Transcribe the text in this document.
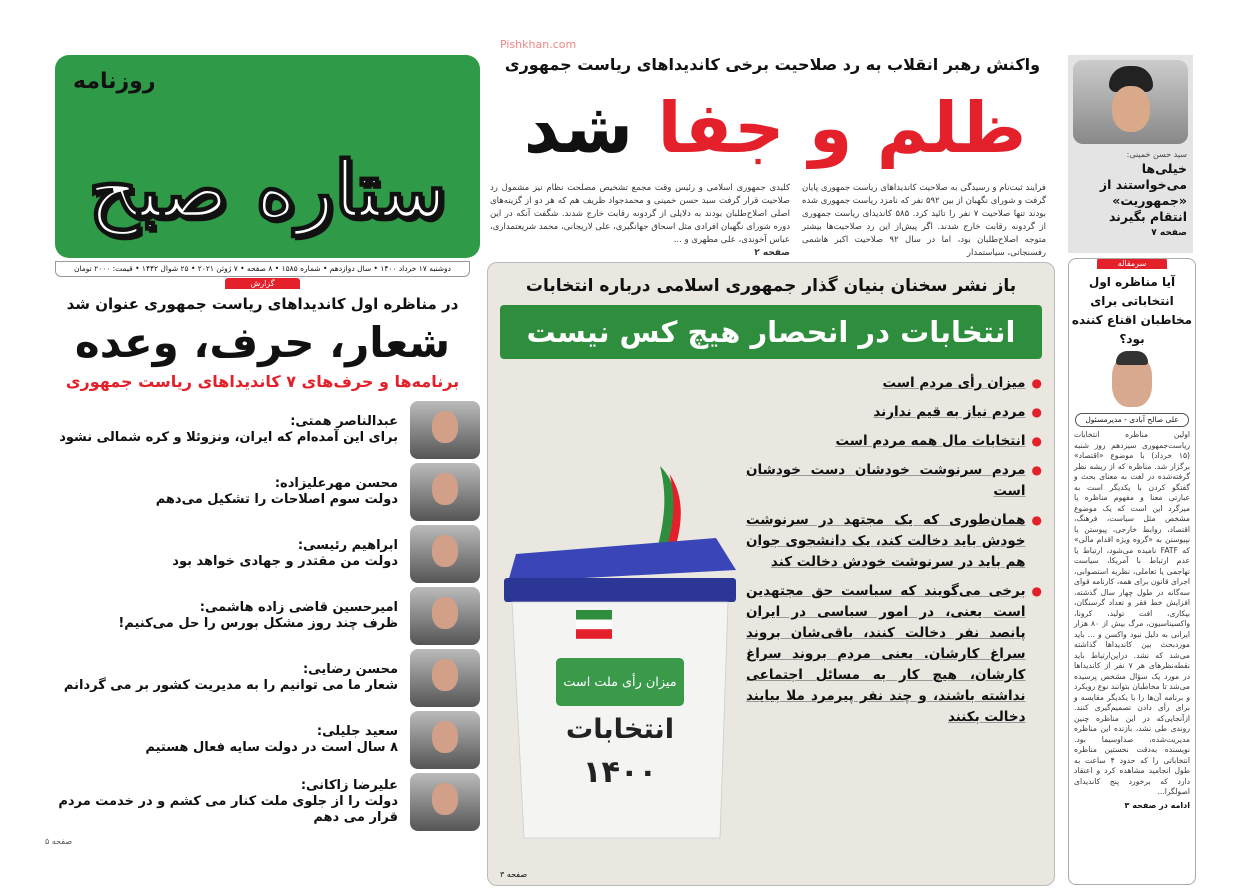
روزنامه
ستاره صبح
Pishkhan.com
واکنش رهبر انقلاب به رد صلاحیت برخی کاندیداهای ریاست جمهوری
ظلم و جفا شد
فرایند ثبت‌نام و رسیدگی به صلاحیت کاندیداهای ریاست جمهوری پایان گرفت و شورای نگهبان از بین ۵۹۲ نفر که نامزد ریاست جمهوری شده بودند تنها صلاحیت ۷ نفر را تائید کرد. ۵۸۵ کاندیدای ریاست جمهوری از گردونه رقابت خارج شدند. اگر پیش‌از این رد صلاحیت‌ها بیشتر متوجه اصلاح‌طلبان بود، اما در سال ۹۲ صلاحیت اکبر هاشمی رفسنجانی، سیاستمدار
کلیدی جمهوری اسلامی و رئیس وقت مجمع تشخیص مصلحت نظام نیز مشمول رد صلاحیت قرار گرفت سید حسن خمینی و محمدجواد ظریف هم که هر دو از گزینه‌های اصلی اصلاح‌طلبان بودند به دلایلی از گردونه رقابت خارج شدند. شگفت آنکه در این دوره شورای نگهبان افرادی مثل اسحاق جهانگیری، علی لاریجانی، محمد شریعتمداری، عباس آخوندی، علی مطهری و ...
صفحه ۲
سید حسن خمینی:
خیلی‌ها می‌خواستند از «جمهوریت» انتقام بگیرند
صفحه ۷
دوشنبه ۱۷ خرداد ۱۴۰۰ • سال دوازدهم • شماره ۱۵۸۵ • ۸ صفحه • ۷ ژوئن ۲۰۲۱ • ۲۵ شوال ۱۴۴۲ • قیمت: ۲۰۰۰ تومان
گزارش
در مناظره اول کاندیداهای ریاست جمهوری عنوان شد
شعار، حرف، وعده
برنامه‌ها و حرف‌های ۷ کاندیداهای ریاست جمهوری
عبدالناصر همتی:
برای این آمده‌ام که ایران، ونزوئلا و کره شمالی نشود
محسن مهرعلیزاده:
دولت سوم اصلاحات را تشکیل می‌دهم
ابراهیم رئیسی:
دولت من مقتدر و جهادی خواهد بود
امیرحسین قاضی زاده هاشمی:
ظرف چند روز مشکل بورس را حل می‌کنیم!
محسن رضایی:
شعار ما می توانیم را به مدیریت کشور بر می گردانم
سعید جلیلی:
۸ سال است در دولت سایه فعال هستیم
علیرضا زاکانی:
دولت را از جلوی ملت کنار می کشم و در خدمت مردم قرار می دهم
صفحه ۵
باز نشر سخنان بنیان گذار جمهوری اسلامی درباره انتخابات
انتخابات در انحصار هیچ کس نیست
میزان رأی ملت است
انتخابات
۱۴۰۰
●
میزان رأی مردم است
●
مردم نیاز به قیم ندارند
●
انتخابات مال همه مردم است
●
مردم سرنوشت خودشان دست خودشان است
●
همان‌طوری که یک مجتهد در سرنوشت خودش باید دخالت کند، یک دانشجوی جوان هم باید در سرنوشت خودش دخالت کند
●
برخی می‌گویند که سیاست حق مجتهدین است یعنی، در امور سیاسی در ایران پانصد نفر دخالت کنند، باقی‌شان بروند سراغ کارشان. یعنی مردم بروند سراغ کارشان، هیچ کار به مسائل اجتماعی نداشته باشند، و چند نفر پیرمرد ملا بیایند دخالت بکنند
صفحه ۳
سرمقاله
آیا مناظره اول انتخاباتی برای مخاطبان اقناع کننده بود؟
علی صالح آبادی - مدیرمسئول
اولین مناظره انتخابات ریاست‌جمهوری سیزدهم روز شنبه (۱۵ خرداد) با موضوع «اقتصاد» برگزار شد. مناظره که از ریشه نظر گرفته‌شده در لغت به معنای بحث و گفتگو کردن با یکدیگر است به عبارتی معنا و مفهوم مناظره یا میزگرد این است که یک موضوع مشخص مثل سیاست، فرهنگ، اقتصاد، روابط خارجی، پیوستن یا نپیوستن به «گروه ویژه اقدام مالی» که FATF نامیده می‌شود، ارتباط یا عدم ارتباط با آمریکا، سیاست تهاجمی یا تعاملی، نظریه استصوابی، اجرای قانون برای همه، کارنامه قوای سه‌گانه در طول چهار سال گذشته، افزایش خط فقر و تعداد گرسنگان، بیکاری، افت تولید، کرونا، واکسیناسیون، مرگ بیش از ۸۰ هزار ایرانی به دلیل نبود واکسن و ... باید موردبحث بین کاندیداها گذاشته می‌شد که نشد. دراین‌ارتباط باید نقطه‌نظرهای هر ۷ نفر از کاندیداها در مورد یک سؤال مشخص پرسیده می‌شد تا مخاطبان بتوانند نوع رویکرد و برنامه آن‌ها را با یکدیگر مقایسه و برای رأی دادن تصمیم‌گیری کنند. ازآنجایی‌که در این مناظره چنین روندی طی نشد، بازنده این مناظره مدیریت‌شده، صداوسیما بود. نویسنده به‌دقت نخستین مناظره انتخاباتی را که حدود ۴ ساعت به طول انجامید مشاهده کرد و اعتقاد دارد که برخورد پنج کاندیدای اصولگرا...
ادامه در صفحه ۳
